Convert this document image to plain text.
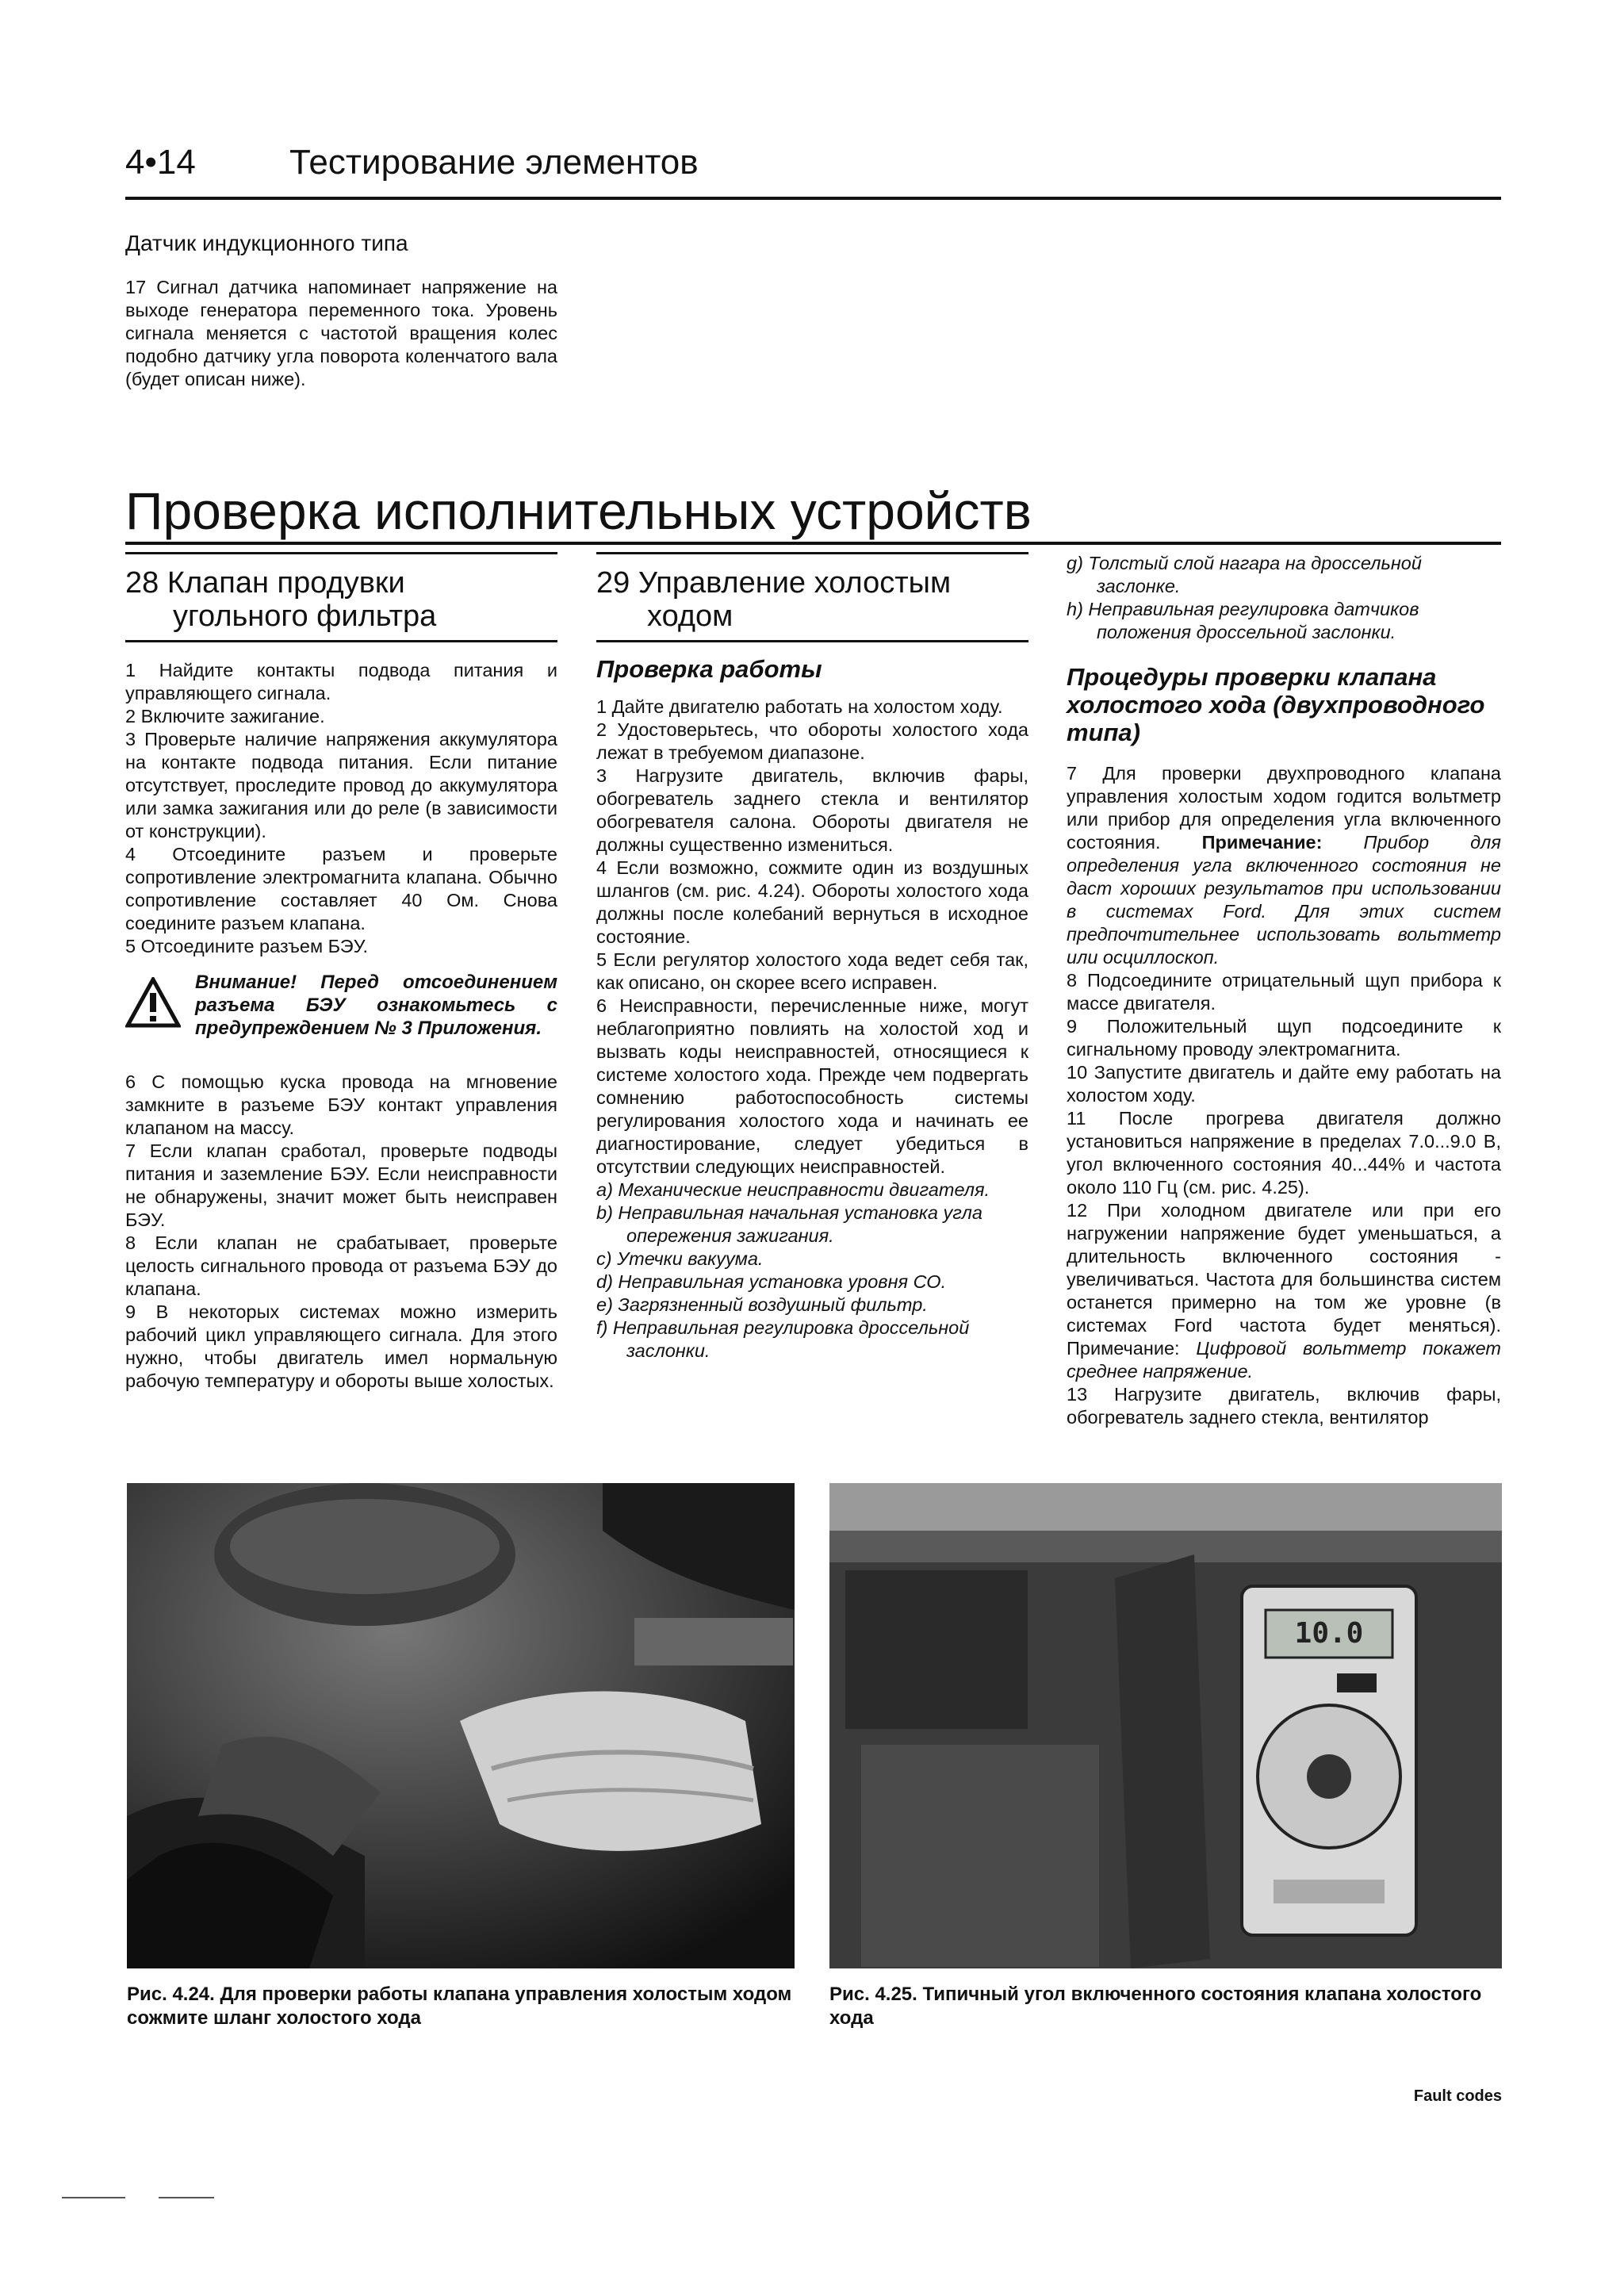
4•14	Тестирование элементов
Датчик индукционного типа

17 Сигнал датчика напоминает напряжение на выходе генератора переменного тока. Уровень сигнала меняется с частотой вращения колес подобно датчику угла поворота коленчатого вала (будет описан ниже).

Проверка исполнительных устройств
28 Клапан продувки
угольного фильтра

1 Найдите контакты подвода питания и управляющего сигнала.

2 Включите зажигание.

3 Проверьте наличие напряжения аккумулятора на контакте подвода питания. Если питание отсутствует, проследите провод до аккумулятора или замка зажигания или до реле (в зависимости от конструкции).

4 Отсоедините разъем и проверьте сопротивление электромагнита клапана. Обычно сопротивление составляет 40 Ом. Снова соедините разъем клапана.

5 Отсоедините разъем БЭУ.

Внимание! Перед отсоединением разъема БЭУ ознакомьтесь с предупреждением № 3 Приложения.

6 С помощью куска провода на мгновение замкните в разъеме БЭУ контакт управления клапаном на массу.

7 Если клапан сработал, проверьте подводы питания и заземление БЭУ. Если неисправности не обнаружены, значит может быть неисправен БЭУ.

8 Если клапан не срабатывает, проверьте целость сигнального провода от разъема БЭУ до клапана.

9 В некоторых системах можно измерить рабочий цикл управляющего сигнала. Для этого нужно, чтобы двигатель имел нормальную рабочую температуру и обороты выше холостых.

29 Управление холостым
ходом
Проверка работы

1 Дайте двигателю работать на холостом ходу.

2 Удостоверьтесь, что обороты холостого хода лежат в требуемом диапазоне.

3 Нагрузите двигатель, включив фары, обогреватель заднего стекла и вентилятор обогревателя салона. Обороты двигателя не должны существенно измениться.

4 Если возможно, сожмите один из воздушных шлангов (см. рис. 4.24). Обороты холостого хода должны после колебаний вернуться в исходное состояние.

5 Если регулятор холостого хода ведет себя так, как описано, он скорее всего исправен.

6 Неисправности, перечисленные ниже, могут неблагоприятно повлиять на холостой ход и вызвать коды неисправностей, относящиеся к системе холостого хода. Прежде чем подвергать сомнению работоспособность системы регулирования холостого хода и начинать ее диагностирование, следует убедиться в отсутствии следующих неисправностей.

a) Механические неисправности двигателя.
b) Неправильная начальная установка угла опережения зажигания.
c) Утечки вакуума.
d) Неправильная установка уровня СО.
e) Загрязненный воздушный фильтр.
f) Неправильная регулировка дроссельной заслонки.
g) Толстый слой нагара на дроссельной заслонке.
h) Неправильная регулировка датчиков положения дроссельной заслонки.
Процедуры проверки клапана холостого хода (двухпроводного типа)

7 Для проверки двухпроводного клапана управления холостым ходом годится вольтметр или прибор для определения угла включенного состояния. Примечание: Прибор для определения угла включенного состояния не даст хороших результатов при использовании в системах Ford. Для этих систем предпочтительнее использовать вольтметр или осциллоскоп.

8 Подсоедините отрицательный щуп прибора к массе двигателя.

9 Положительный щуп подсоедините к сигнальному проводу электромагнита.

10 Запустите двигатель и дайте ему работать на холостом ходу.

11 После прогрева двигателя должно установиться напряжение в пределах 7.0...9.0 В, угол включенного состояния 40...44% и частота около 110 Гц (см. рис. 4.25).

12 При холодном двигателе или при его нагружении напряжение будет уменьшаться, а длительность включенного состояния - увеличиваться. Частота для большинства систем останется примерно на том же уровне (в системах Ford частота будет меняться). Примечание: Цифровой вольтметр покажет среднее напряжение.

13 Нагрузите двигатель, включив фары, обогреватель заднего стекла, вентилятор

10.0
Рис. 4.24. Для проверки работы клапана управления холостым ходом сожмите шланг холостого хода
Рис. 4.25. Типичный угол включенного состояния клапана холостого хода
Fault codes
